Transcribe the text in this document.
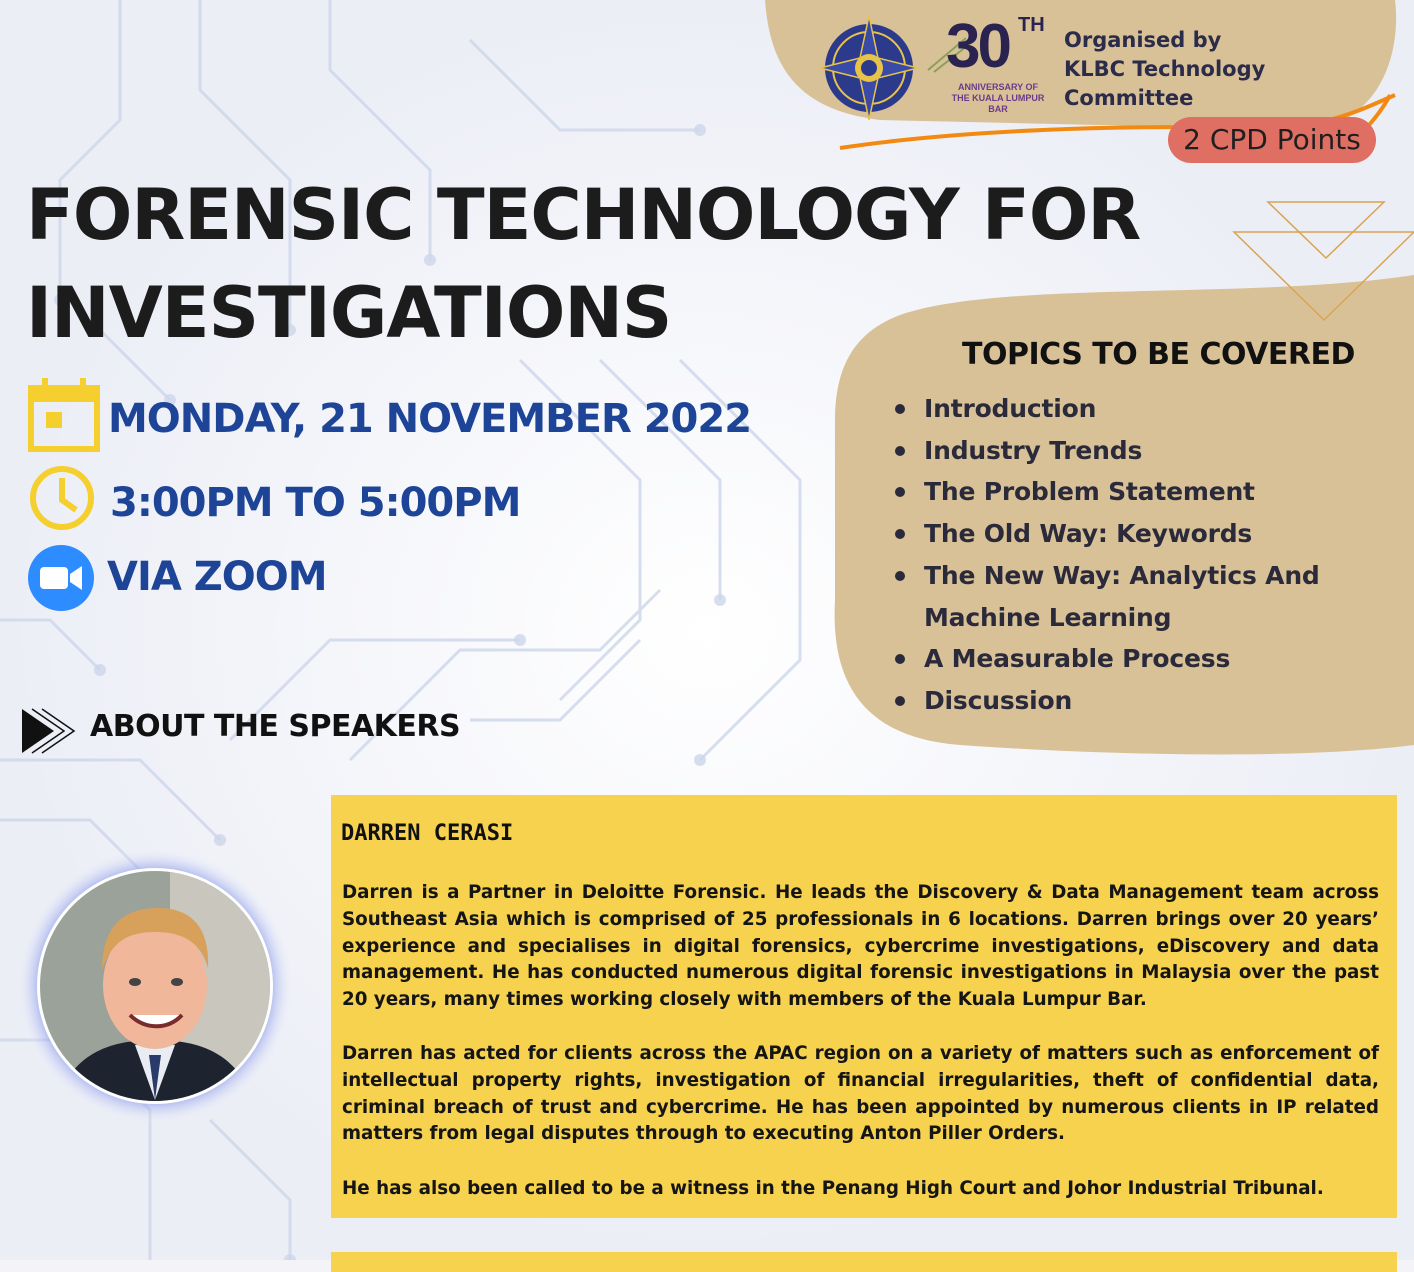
30 TH
ANNIVERSARY OF THE KUALA LUMPUR BAR
Organised by
KLBC Technology Committee
2 CPD Points
FORENSIC TECHNOLOGY FOR
INVESTIGATIONS
MONDAY, 21 NOVEMBER 2022
3:00PM TO 5:00PM
VIA ZOOM
TOPICS TO BE COVERED
Introduction
Industry Trends
The Problem Statement
The Old Way: Keywords
The New Way: Analytics And Machine Learning
A Measurable Process
Discussion
ABOUT THE SPEAKERS
DARREN CERASI

Darren is a Partner in Deloitte Forensic. He leads the Discovery & Data Management team across Southeast Asia which is comprised of 25 professionals in 6 locations. Darren brings over 20 years’ experience and specialises in digital forensics, cybercrime investigations, eDiscovery and data management. He has conducted numerous digital forensic investigations in Malaysia over the past 20 years, many times working closely with members of the Kuala Lumpur Bar.

Darren has acted for clients across the APAC region on a variety of matters such as enforcement of intellectual property rights, investigation of financial irregularities, theft of confidential data, criminal breach of trust and cybercrime. He has been appointed by numerous clients in IP related matters from legal disputes through to executing Anton Piller Orders.

He has also been called to be a witness in the Penang High Court and Johor Industrial Tribunal.
